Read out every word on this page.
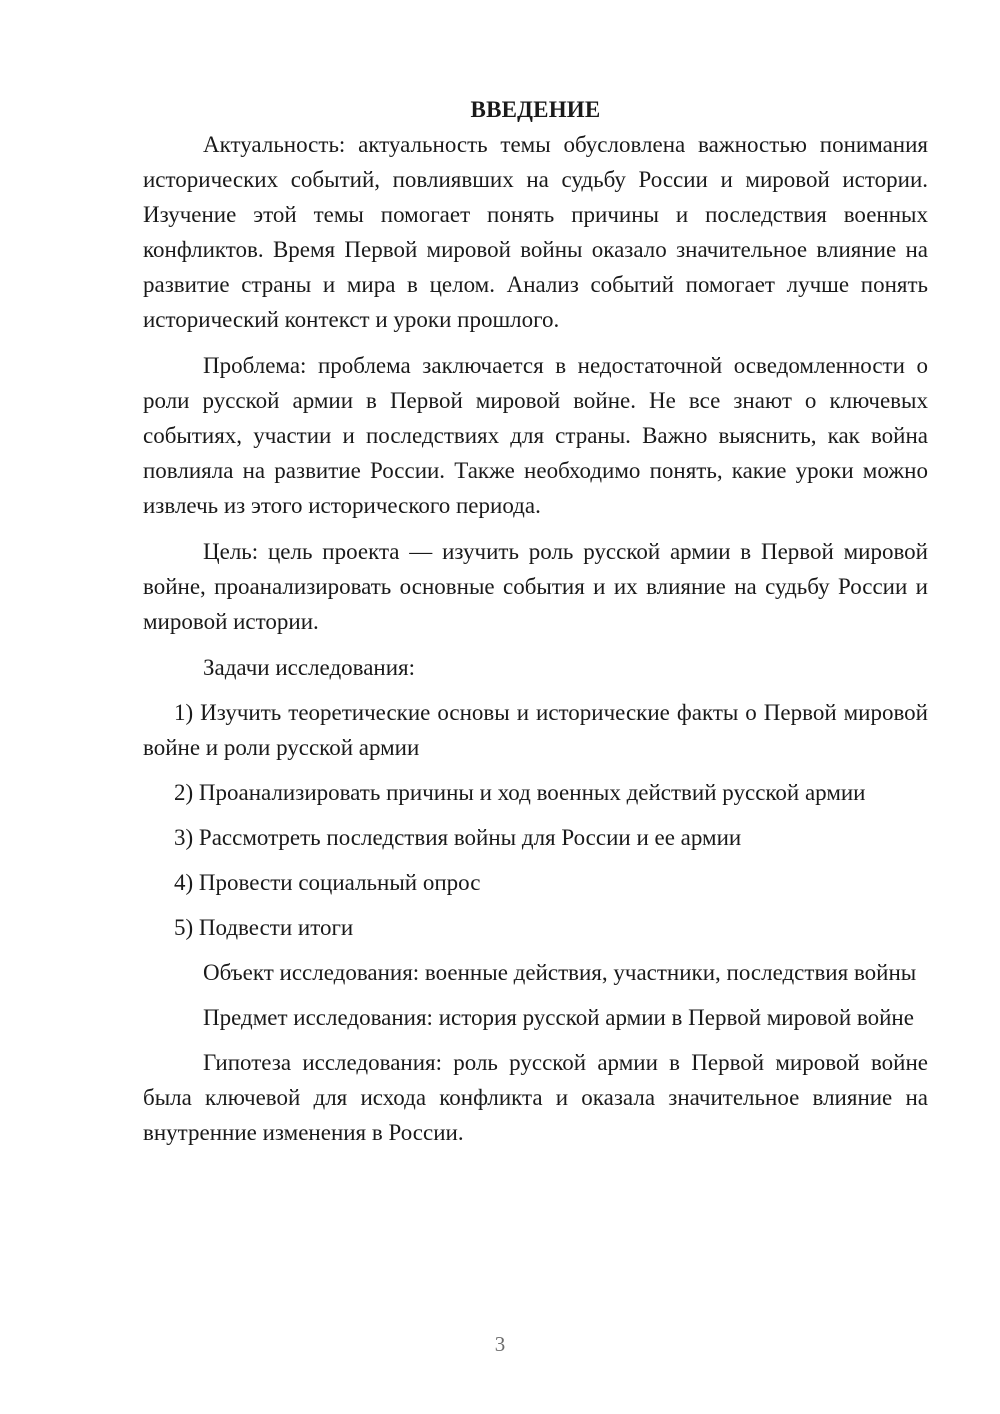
ВВЕДЕНИЕ

Актуальность: актуальность темы обусловлена важностью понимания исторических событий, повлиявших на судьбу России и мировой истории. Изучение этой темы помогает понять причины и последствия военных конфликтов. Время Первой мировой войны оказало значительное влияние на развитие страны и мира в целом. Анализ событий помогает лучше понять исторический контекст и уроки прошлого.

Проблема: проблема заключается в недостаточной осведомленности о роли русской армии в Первой мировой войне. Не все знают о ключевых событиях, участии и последствиях для страны. Важно выяснить, как война повлияла на развитие России. Также необходимо понять, какие уроки можно извлечь из этого исторического периода.

Цель: цель проекта — изучить роль русской армии в Первой мировой войне, проанализировать основные события и их влияние на судьбу России и мировой истории.

Задачи исследования:

1) Изучить теоретические основы и исторические факты о Первой мировой войне и роли русской армии

2) Проанализировать причины и ход военных действий русской армии

3) Рассмотреть последствия войны для России и ее армии

4) Провести социальный опрос

5) Подвести итоги

Объект исследования: военные действия, участники, последствия войны

Предмет исследования: история русской армии в Первой мировой войне

Гипотеза исследования: роль русской армии в Первой мировой войне была ключевой для исхода конфликта и оказала значительное влияние на внутренние изменения в России.

3
